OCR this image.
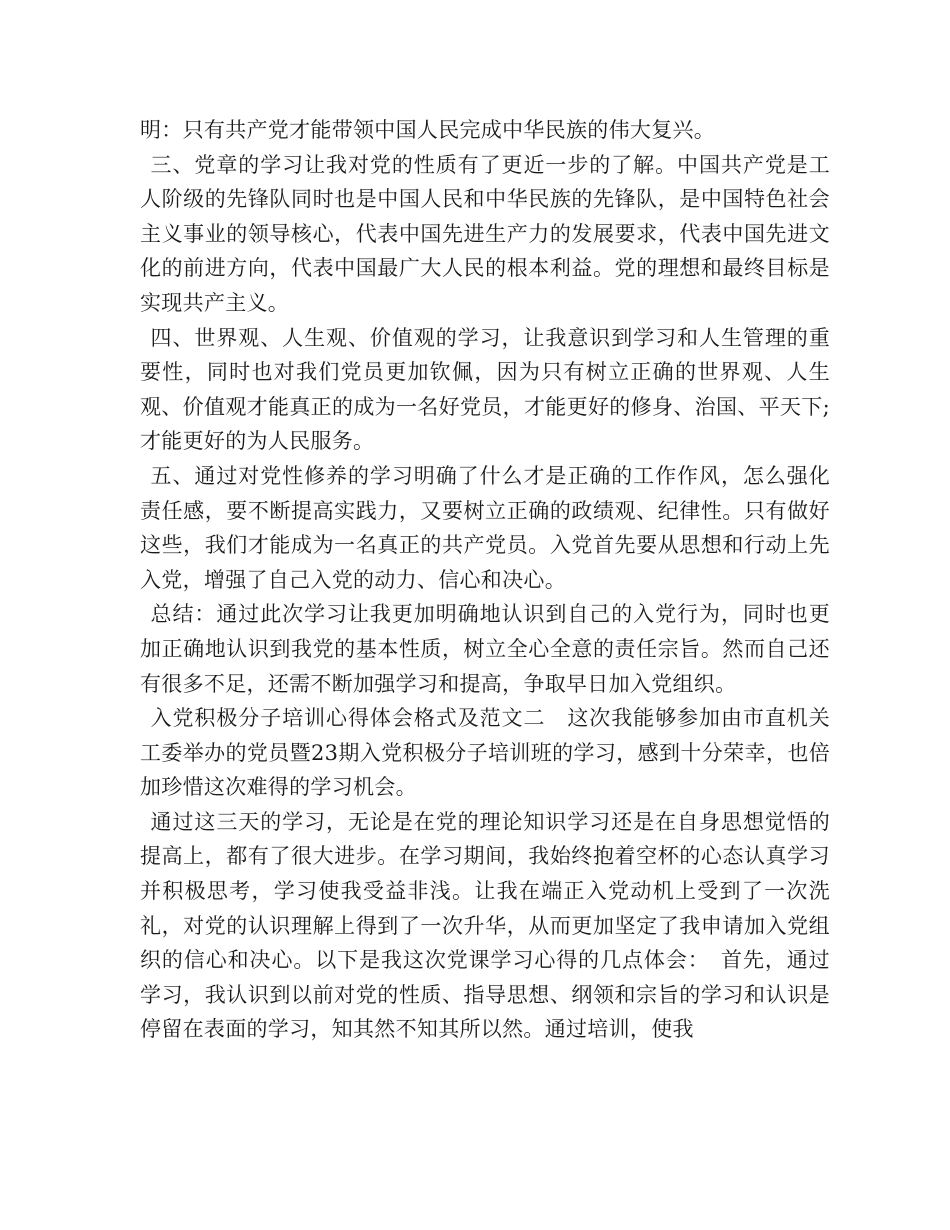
明：只有共产党才能带领中国人民完成中华民族的伟大复兴。

三、党章的学习让我对党的性质有了更近一步的了解。中国共产党是工人阶级的先锋队同时也是中国人民和中华民族的先锋队，是中国特色社会主义事业的领导核心，代表中国先进生产力的发展要求，代表中国先进文化的前进方向，代表中国最广大人民的根本利益。党的理想和最终目标是实现共产主义。

四、世界观、人生观、价值观的学习，让我意识到学习和人生管理的重要性，同时也对我们党员更加钦佩，因为只有树立正确的世界观、人生观、价值观才能真正的成为一名好党员，才能更好的修身、治国、平天下;才能更好的为人民服务。

五、通过对党性修养的学习明确了什么才是正确的工作作风，怎么强化责任感，要不断提高实践力，又要树立正确的政绩观、纪律性。只有做好这些，我们才能成为一名真正的共产党员。入党首先要从思想和行动上先入党，增强了自己入党的动力、信心和决心。

总结：通过此次学习让我更加明确地认识到自己的入党行为，同时也更加正确地认识到我党的基本性质，树立全心全意的责任宗旨。然而自己还有很多不足，还需不断加强学习和提高，争取早日加入党组织。

入党积极分子培训心得体会格式及范文二　这次我能够参加由市直机关工委举办的党员暨23期入党积极分子培训班的学习，感到十分荣幸，也倍加珍惜这次难得的学习机会。

通过这三天的学习，无论是在党的理论知识学习还是在自身思想觉悟的提高上，都有了很大进步。在学习期间，我始终抱着空杯的心态认真学习并积极思考，学习使我受益非浅。让我在端正入党动机上受到了一次洗礼，对党的认识理解上得到了一次升华，从而更加坚定了我申请加入党组织的信心和决心。以下是我这次党课学习心得的几点体会：　首先，通过学习，我认识到以前对党的性质、指导思想、纲领和宗旨的学习和认识是停留在表面的学习，知其然不知其所以然。通过培训，使我
